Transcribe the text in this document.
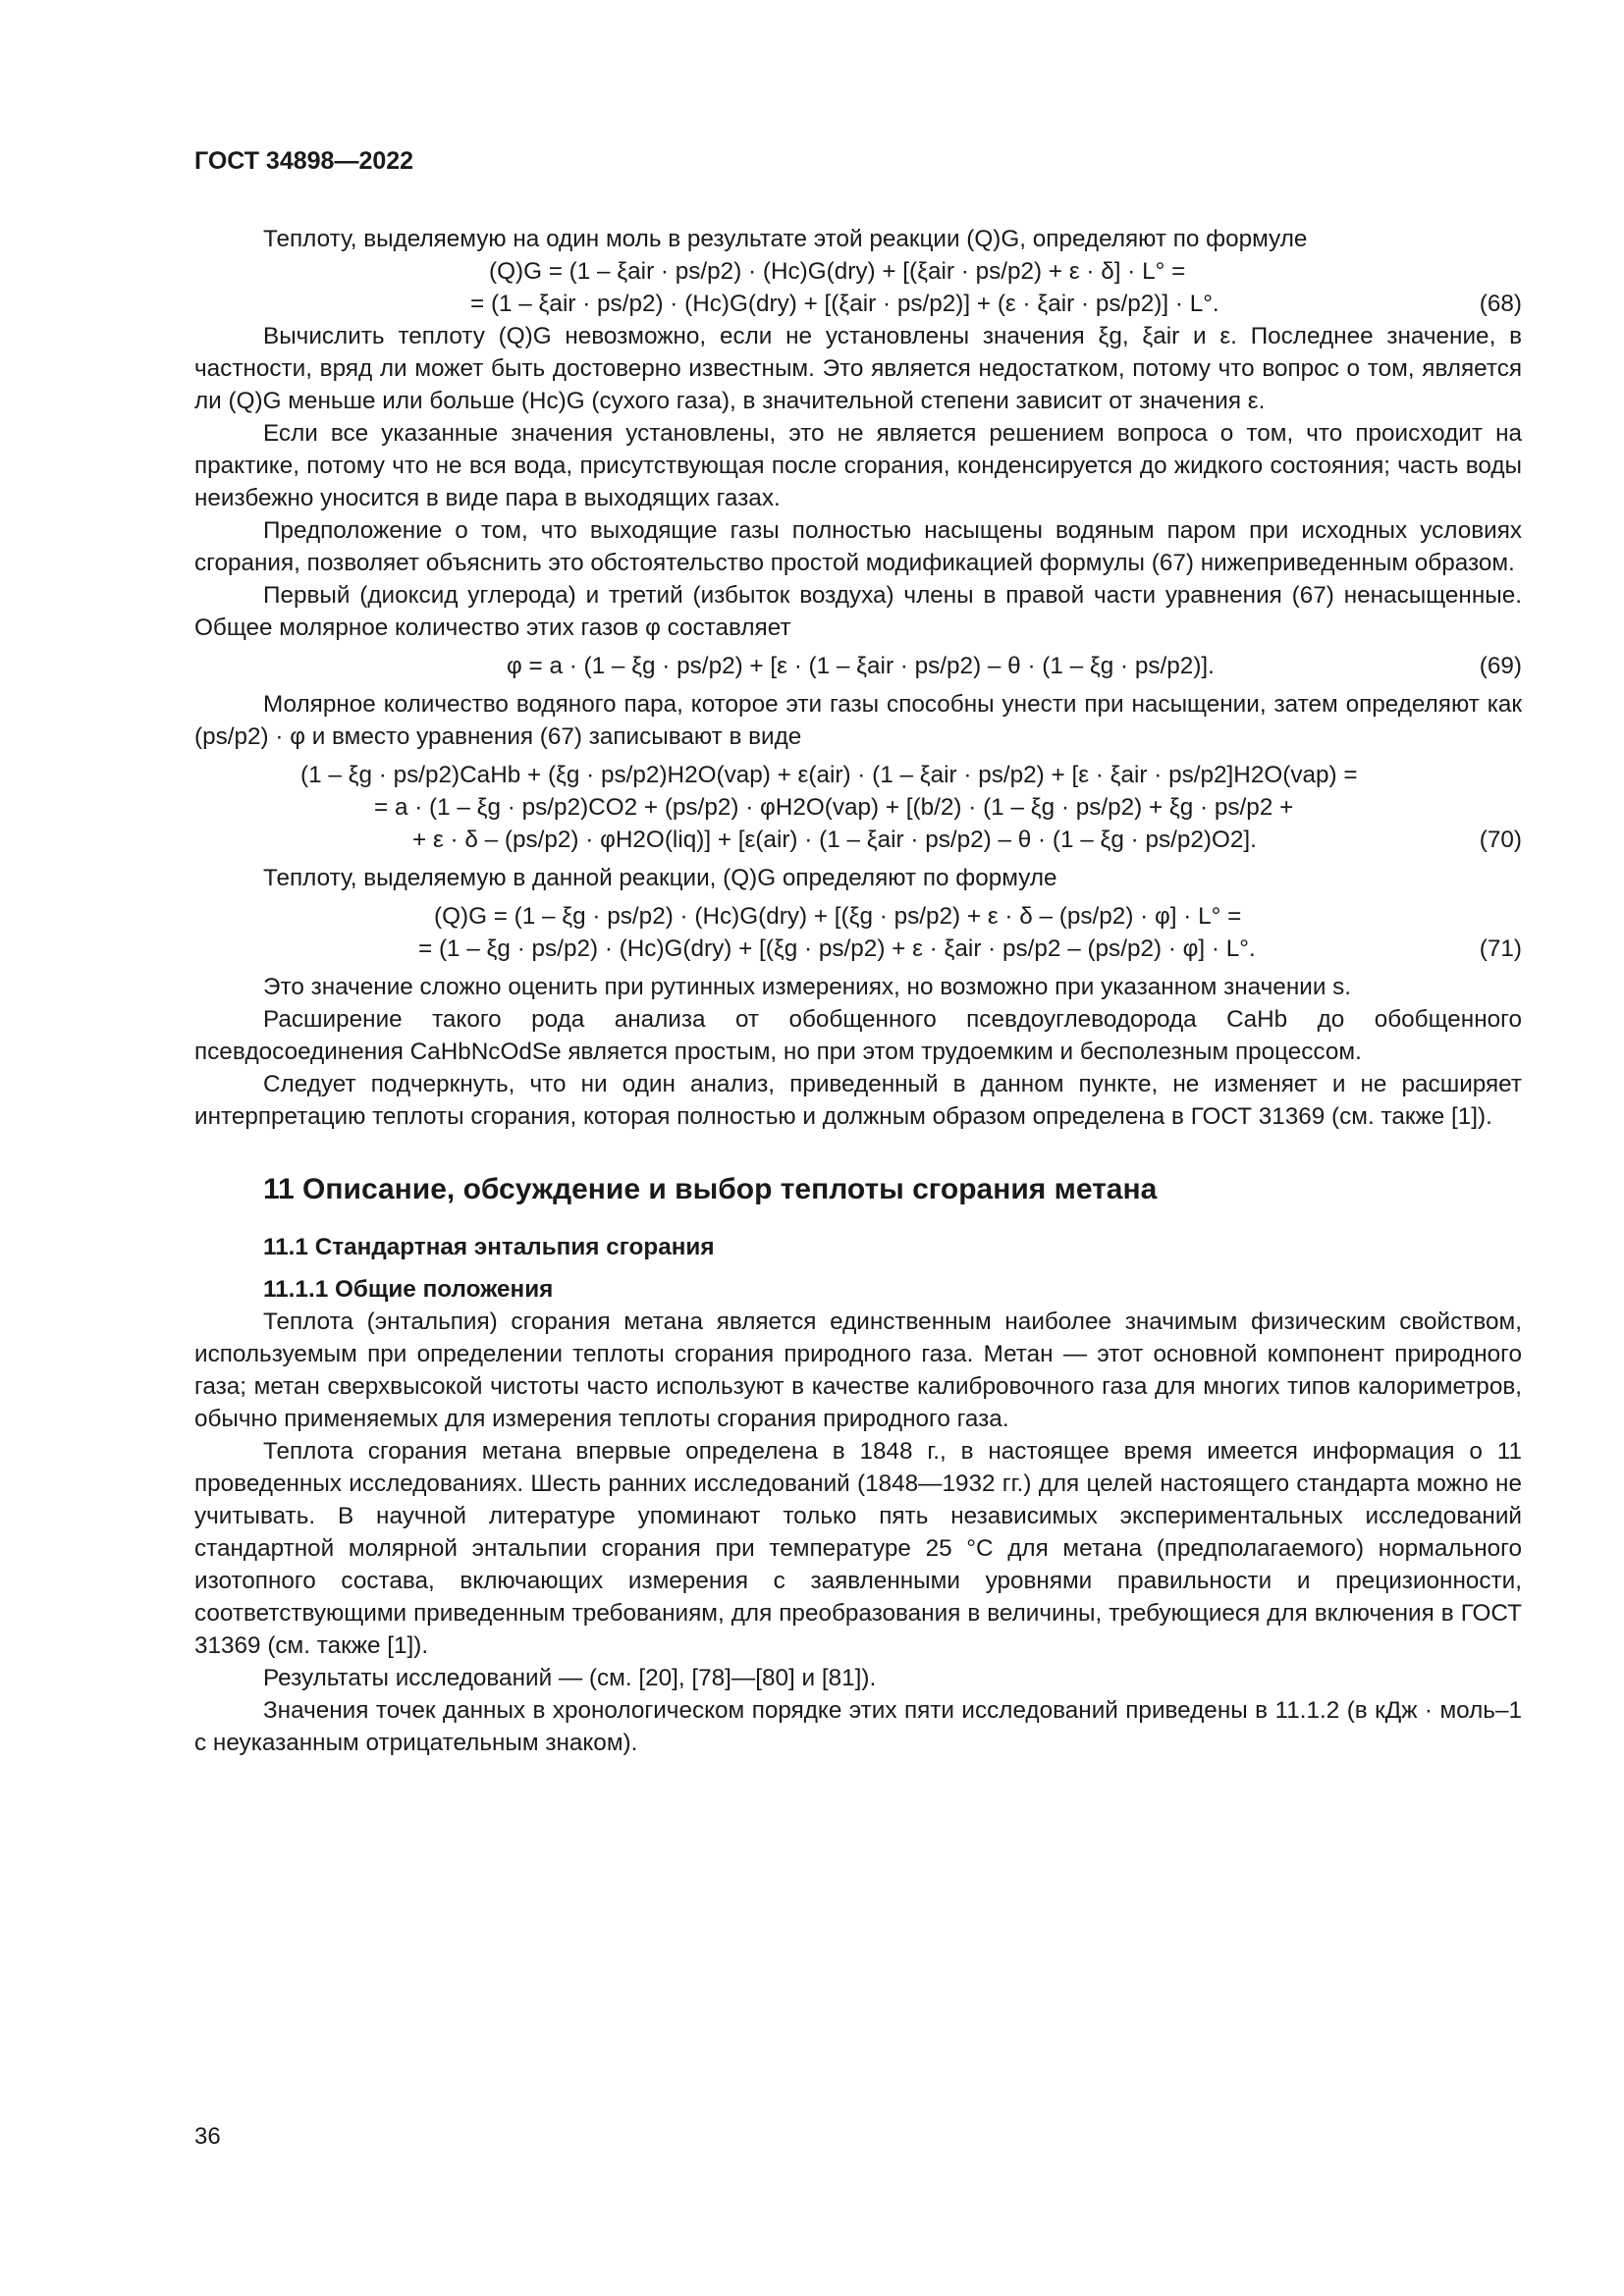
ГОСТ 34898—2022

Теплоту, выделяемую на один моль в результате этой реакции (Q)G, определяют по формуле

(Q)G = (1 – ξair · ps/p2) · (Hc)G(dry) + [(ξair · ps/p2) + ε · δ] · L° =
= (1 – ξair · ps/p2) · (Hc)G(dry) + [(ξair · ps/p2)] + (ε · ξair · ps/p2)] · L°.	(68)

Вычислить теплоту (Q)G невозможно, если не установлены значения ξg, ξair и ε. Последнее значение, в частности, вряд ли может быть достоверно известным. Это является недостатком, потому что вопрос о том, является ли (Q)G меньше или больше (Hc)G (сухого газа), в значительной степени зависит от значения ε.

Если все указанные значения установлены, это не является решением вопроса о том, что происходит на практике, потому что не вся вода, присутствующая после сгорания, конденсируется до жидкого состояния; часть воды неизбежно уносится в виде пара в выходящих газах.

Предположение о том, что выходящие газы полностью насыщены водяным паром при исходных условиях сгорания, позволяет объяснить это обстоятельство простой модификацией формулы (67) нижеприведенным образом.

Первый (диоксид углерода) и третий (избыток воздуха) члены в правой части уравнения (67) ненасыщенные. Общее молярное количество этих газов φ составляет

φ = a · (1 – ξg · ps/p2) + [ε · (1 – ξair · ps/p2) – θ · (1 – ξg · ps/p2)].	(69)

Молярное количество водяного пара, которое эти газы способны унести при насыщении, затем определяют как (ps/p2) · φ и вместо уравнения (67) записывают в виде

(1 – ξg · ps/p2)CaHb + (ξg · ps/p2)H2O(vap) + ε(air) · (1 – ξair · ps/p2) + [ε · ξair · ps/p2]H2O(vap) =
= a · (1 – ξg · ps/p2)CO2 + (ps/p2) · φH2O(vap) + [(b/2) · (1 – ξg · ps/p2) + ξg · ps/p2 +
+ ε · δ – (ps/p2) · φH2O(liq)] + [ε(air) · (1 – ξair · ps/p2) – θ · (1 – ξg · ps/p2)O2].	(70)

Теплоту, выделяемую в данной реакции, (Q)G определяют по формуле

(Q)G = (1 – ξg · ps/p2) · (Hc)G(dry) + [(ξg · ps/p2) + ε · δ – (ps/p2) · φ] · L° =
= (1 – ξg · ps/p2) · (Hc)G(dry) + [(ξg · ps/p2) + ε · ξair · ps/p2 – (ps/p2) · φ] · L°.	(71)

Это значение сложно оценить при рутинных измерениях, но возможно при указанном значении s.

Расширение такого рода анализа от обобщенного псевдоуглеводорода CaHb до обобщенного псевдосоединения CaHbNcOdSe является простым, но при этом трудоемким и бесполезным процессом.

Следует подчеркнуть, что ни один анализ, приведенный в данном пункте, не изменяет и не расширяет интерпретацию теплоты сгорания, которая полностью и должным образом определена в ГОСТ 31369 (см. также [1]).

11 Описание, обсуждение и выбор теплоты сгорания метана
11.1 Стандартная энтальпия сгорания
11.1.1 Общие положения

Теплота (энтальпия) сгорания метана является единственным наиболее значимым физическим свойством, используемым при определении теплоты сгорания природного газа. Метан — этот основной компонент природного газа; метан сверхвысокой чистоты часто используют в качестве калибровочного газа для многих типов калориметров, обычно применяемых для измерения теплоты сгорания природного газа.

Теплота сгорания метана впервые определена в 1848 г., в настоящее время имеется информация о 11 проведенных исследованиях. Шесть ранних исследований (1848—1932 гг.) для целей настоящего стандарта можно не учитывать. В научной литературе упоминают только пять независимых экспериментальных исследований стандартной молярной энтальпии сгорания при температуре 25 °С для метана (предполагаемого) нормального изотопного состава, включающих измерения с заявленными уровнями правильности и прецизионности, соответствующими приведенным требованиям, для преобразования в величины, требующиеся для включения в ГОСТ 31369 (см. также [1]).

Результаты исследований — (см. [20], [78]—[80] и [81]).

Значения точек данных в хронологическом порядке этих пяти исследований приведены в 11.1.2 (в кДж · моль–1 с неуказанным отрицательным знаком).

36
